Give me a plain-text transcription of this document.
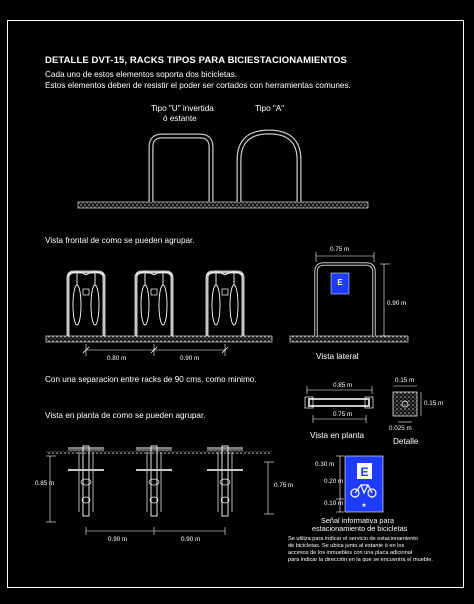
DETALLE DVT-15, RACKS TIPOS PARA BICIESTACIONAMIENTOS
Cada uno de estos elementos soporta dos bicicletas.
Estos elementos deben de resistir el poder ser cortados con herramientas comunes.
Tipo "U" invertida
ó estante
Tipo "A"
Vista frontal de como se pueden agrupar.
Vista lateral
Con una separacion entre racks de 90 cms. como minimo.
Vista en planta de como se pueden agrupar.
Vista en planta
Detalle
0.75 m
0.90 m
0.80 m	0.90 m
0.85 m
0.75 m
0.15 m
0.15 m
0.025 m
0.85 m	0.75 m
0.90 m	0.90 m
0.30 m
0.20 m
0.10 m
Señal informativa para
estacionamiento de bicicletas
Se utiliza para indicar el servicio de estacionamiento
de bicicletas. Se ubica junto al estante ó en los
accesos de los inmuebles con una placa adicional
para indicar la dirección en la que se encuentra el mueble.
E
E
★
